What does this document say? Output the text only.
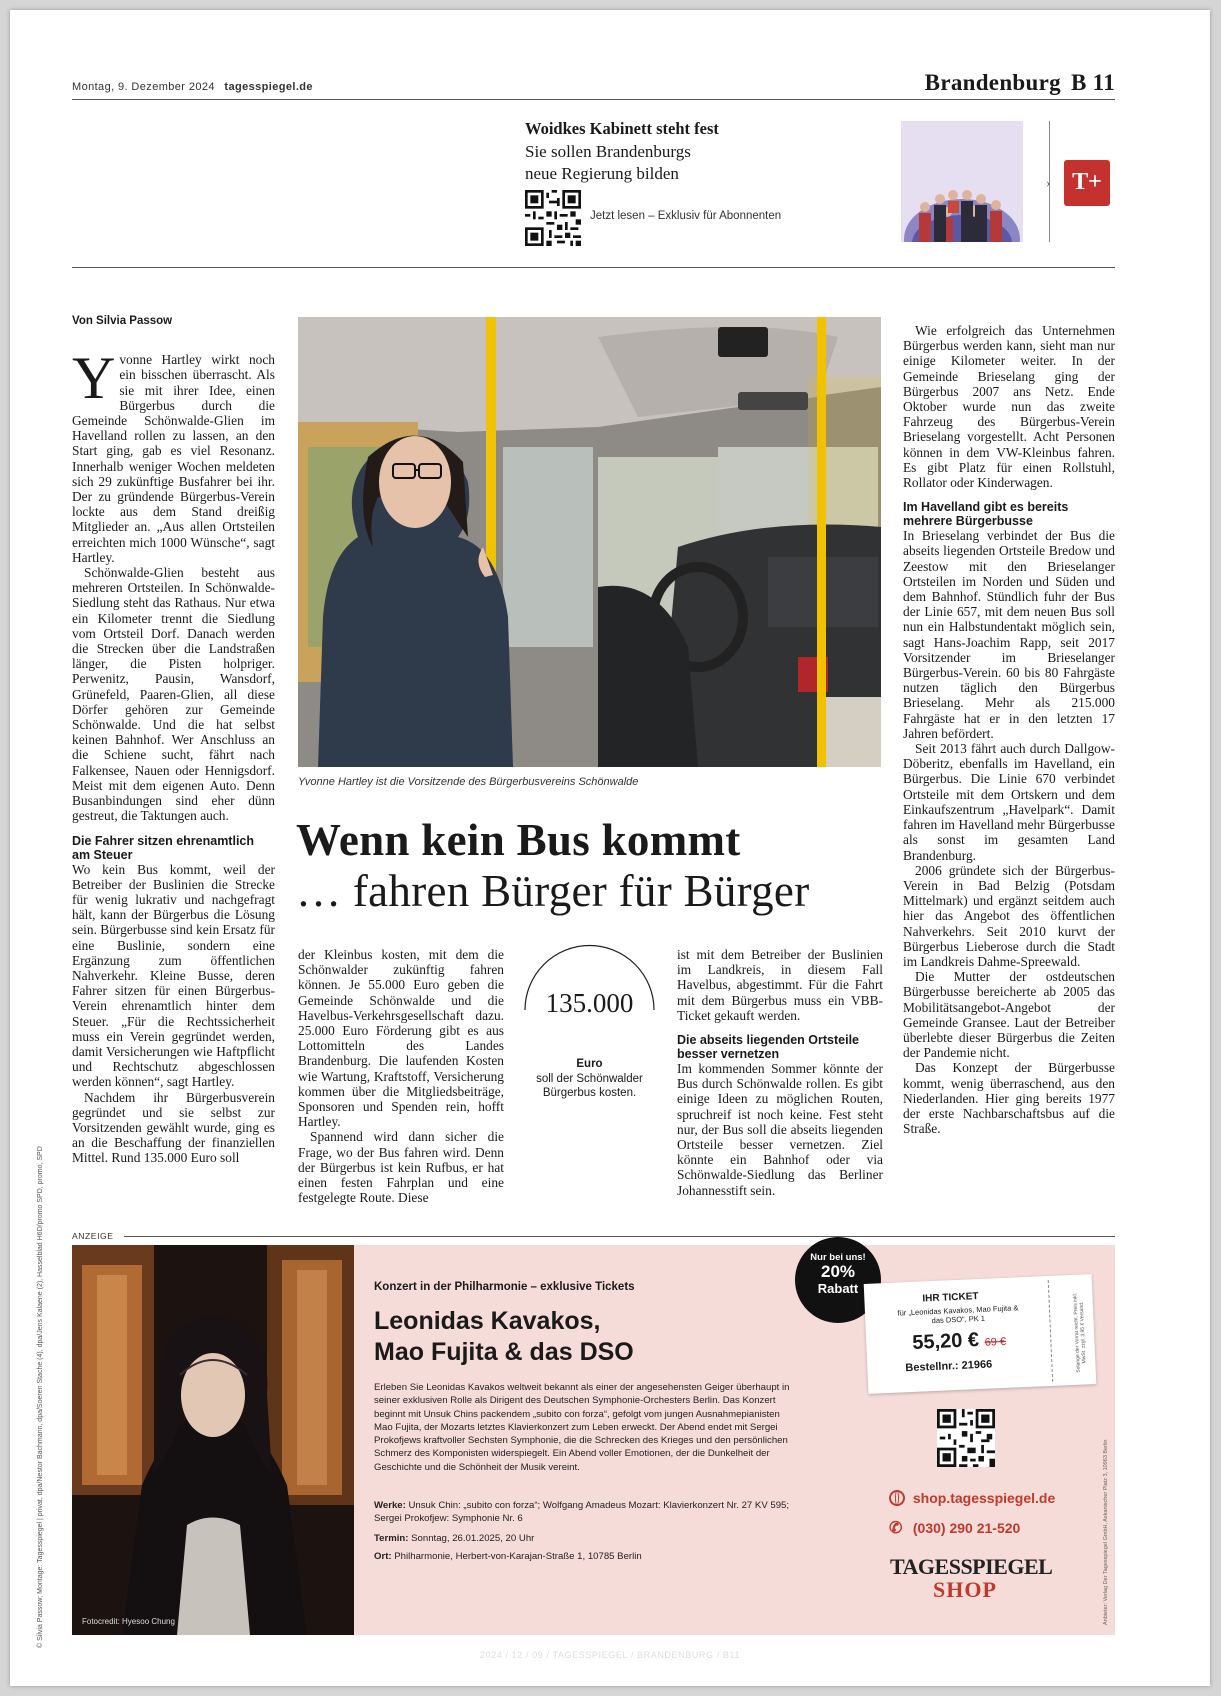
Montag, 9. Dezember 2024 tagesspiegel.de	Brandenburg B 11
Woidkes Kabinett steht fest
Sie sollen Brandenburgs
neue Regierung bilden
Jetzt lesen – Exklusiv für Abonnenten
› T+
© Silvia Passow; Montage: Tagesspiegel | privat, dpa/Nestor Bachmann, dpa/Soeren Stache (4), dpa/Jens Kalaene (2), Hasselblad H6D/promo SPD, promo, SPD
Von Silvia Passow
Y vonne Hartley wirkt noch ein bisschen überrascht. Als sie mit ihrer Idee, einen Bürgerbus durch die Gemeinde Schönwalde-Glien im Havelland rollen zu lassen, an den Start ging, gab es viel Resonanz. Innerhalb weniger Wochen meldeten sich 29 zukünftige Busfahrer bei ihr. Der zu gründende Bürgerbus-Verein lockte aus dem Stand dreißig Mitglieder an. „Aus allen Ortsteilen erreichten mich 1000 Wünsche“, sagt Hartley.

Schönwalde-Glien besteht aus mehreren Ortsteilen. In Schönwalde-Siedlung steht das Rathaus. Nur etwa ein Kilometer trennt die Siedlung vom Ortsteil Dorf. Danach werden die Strecken über die Landstraßen länger, die Pisten holpriger. Perwenitz, Pausin, Wansdorf, Grünefeld, Paaren-Glien, all diese Dörfer gehören zur Gemeinde Schönwalde. Und die hat selbst keinen Bahnhof. Wer Anschluss an die Schiene sucht, fährt nach Falkensee, Nauen oder Hennigsdorf. Meist mit dem eigenen Auto. Denn Busanbindungen sind eher dünn gestreut, die Taktungen auch.

Die Fahrer sitzen ehrenamtlich am Steuer

Wo kein Bus kommt, weil der Betreiber der Buslinien die Strecke für wenig lukrativ und nachgefragt hält, kann der Bürgerbus die Lösung sein. Bürgerbusse sind kein Ersatz für eine Buslinie, sondern eine Ergänzung zum öffentlichen Nahverkehr. Kleine Busse, deren Fahrer sitzen für einen Bürgerbus-Verein ehrenamtlich hinter dem Steuer. „Für die Rechtssicherheit muss ein Verein gegründet werden, damit Versicherungen wie Haftpflicht und Rechtschutz abgeschlossen werden können“, sagt Hartley.

Nachdem ihr Bürgerbusverein gegründet und sie selbst zur Vorsitzenden gewählt wurde, ging es an die Beschaffung der finanziellen Mittel. Rund 135.000 Euro soll

Yvonne Hartley ist die Vorsitzende des Bürgerbusvereins Schönwalde
Wenn kein Bus kommt
… fahren Bürger für Bürger

der Kleinbus kosten, mit dem die Schönwalder zukünftig fahren können. Je 55.000 Euro geben die Gemeinde Schönwalde und die Havelbus-Verkehrsgesellschaft dazu. 25.000 Euro Förderung gibt es aus Lottomitteln des Landes Brandenburg. Die laufenden Kosten wie Wartung, Kraftstoff, Versicherung kommen über die Mitgliedsbeiträge, Sponsoren und Spenden rein, hofft Hartley.

Spannend wird dann sicher die Frage, wo der Bus fahren wird. Denn der Bürgerbus ist kein Rufbus, er hat einen festen Fahrplan und eine festgelegte Route. Diese

135.000
Euro
soll der Schönwalder
Bürgerbus kosten.

ist mit dem Betreiber der Buslinien im Landkreis, in diesem Fall Havelbus, abgestimmt. Für die Fahrt mit dem Bürgerbus muss ein VBB-Ticket gekauft werden.

Die abseits liegenden Ortsteile besser vernetzen

Im kommenden Sommer könnte der Bus durch Schönwalde rollen. Es gibt einige Ideen zu möglichen Routen, spruchreif ist noch keine. Fest steht nur, der Bus soll die abseits liegenden Ortsteile besser vernetzen. Ziel könnte ein Bahnhof oder via Schönwalde-Siedlung das Berliner Johannesstift sein.

Wie erfolgreich das Unternehmen Bürgerbus werden kann, sieht man nur einige Kilometer weiter. In der Gemeinde Brieselang ging der Bürgerbus 2007 ans Netz. Ende Oktober wurde nun das zweite Fahrzeug des Bürgerbus-Verein Brieselang vorgestellt. Acht Personen können in dem VW-Kleinbus fahren. Es gibt Platz für einen Rollstuhl, Rollator oder Kinderwagen.

Im Havelland gibt es bereits mehrere Bürgerbusse

In Brieselang verbindet der Bus die abseits liegenden Ortsteile Bredow und Zeestow mit den Brieselanger Ortsteilen im Norden und Süden und dem Bahnhof. Stündlich fuhr der Bus der Linie 657, mit dem neuen Bus soll nun ein Halbstundentakt möglich sein, sagt Hans-Joachim Rapp, seit 2017 Vorsitzender im Brieselanger Bürgerbus-Verein. 60 bis 80 Fahrgäste nutzen täglich den Bürgerbus Brieselang. Mehr als 215.000 Fahrgäste hat er in den letzten 17 Jahren befördert.

Seit 2013 fährt auch durch Dallgow-Döberitz, ebenfalls im Havelland, ein Bürgerbus. Die Linie 670 verbindet Ortsteile mit dem Ortskern und dem Einkaufszentrum „Havelpark“. Damit fahren im Havelland mehr Bürgerbusse als sonst im gesamten Land Brandenburg.

2006 gründete sich der Bürgerbus-Verein in Bad Belzig (Potsdam Mittelmark) und ergänzt seitdem auch hier das Angebot des öffentlichen Nahverkehrs. Seit 2010 kurvt der Bürgerbus Lieberose durch die Stadt im Landkreis Dahme-Spreewald.

Die Mutter der ostdeutschen Bürgerbusse bereicherte ab 2005 das Mobilitätsangebot-Angebot der Gemeinde Gransee. Laut der Betreiber überlebte dieser Bürgerbus die Zeiten der Pandemie nicht.

Das Konzept der Bürgerbusse kommt, wenig überraschend, aus den Niederlanden. Hier ging bereits 1977 der erste Nachbarschaftsbus auf die Straße.

ANZEIGE
Fotocredit: Hyesoo Chung
Konzert in der Philharmonie – exklusive Tickets
Leonidas Kavakos,
Mao Fujita & das DSO
Erleben Sie Leonidas Kavakos weltweit bekannt als einer der angesehensten Geiger überhaupt in seiner exklusiven Rolle als Dirigent des Deutschen Symphonie-Orchesters Berlin. Das Konzert beginnt mit Unsuk Chins packendem „subito con forza“, gefolgt vom jungen Ausnahmepianisten Mao Fujita, der Mozarts letztes Klavierkonzert zum Leben erweckt. Der Abend endet mit Sergei Prokofjews kraftvoller Sechsten Symphonie, die die Schrecken des Krieges und den persönlichen Schmerz des Komponisten widerspiegelt. Ein Abend voller Emotionen, der die Dunkelheit der Geschichte und die Schönheit der Musik vereint.
Werke: Unsuk Chin: „subito con forza“; Wolfgang Amadeus Mozart: Klavierkonzert Nr. 27 KV 595; Sergei Prokofjew: Symphonie Nr. 6
Termin: Sonntag, 26.01.2025, 20 Uhr
Ort: Philharmonie, Herbert-von-Karajan-Straße 1, 10785 Berlin
Nur bei uns!
20%
Rabatt
IHR TICKET
für „Leonidas Kavakos, Mao Fujita & das DSO“, PK 1
55,20 € 69 €
Bestellnr.: 21966	Solange der Vorrat reicht. Preis inkl. MwSt. zzgl. 3,95 € Versand.
shop.tagesspiegel.de
✆ (030) 290 21-520
TAGESSPIEGEL
SHOP	Anbieter: Verlag Der Tagesspiegel GmbH, Askanischer Platz 3, 10963 Berlin
2024 / 12 / 09 / TAGESSPIEGEL / BRANDENBURG / B11
